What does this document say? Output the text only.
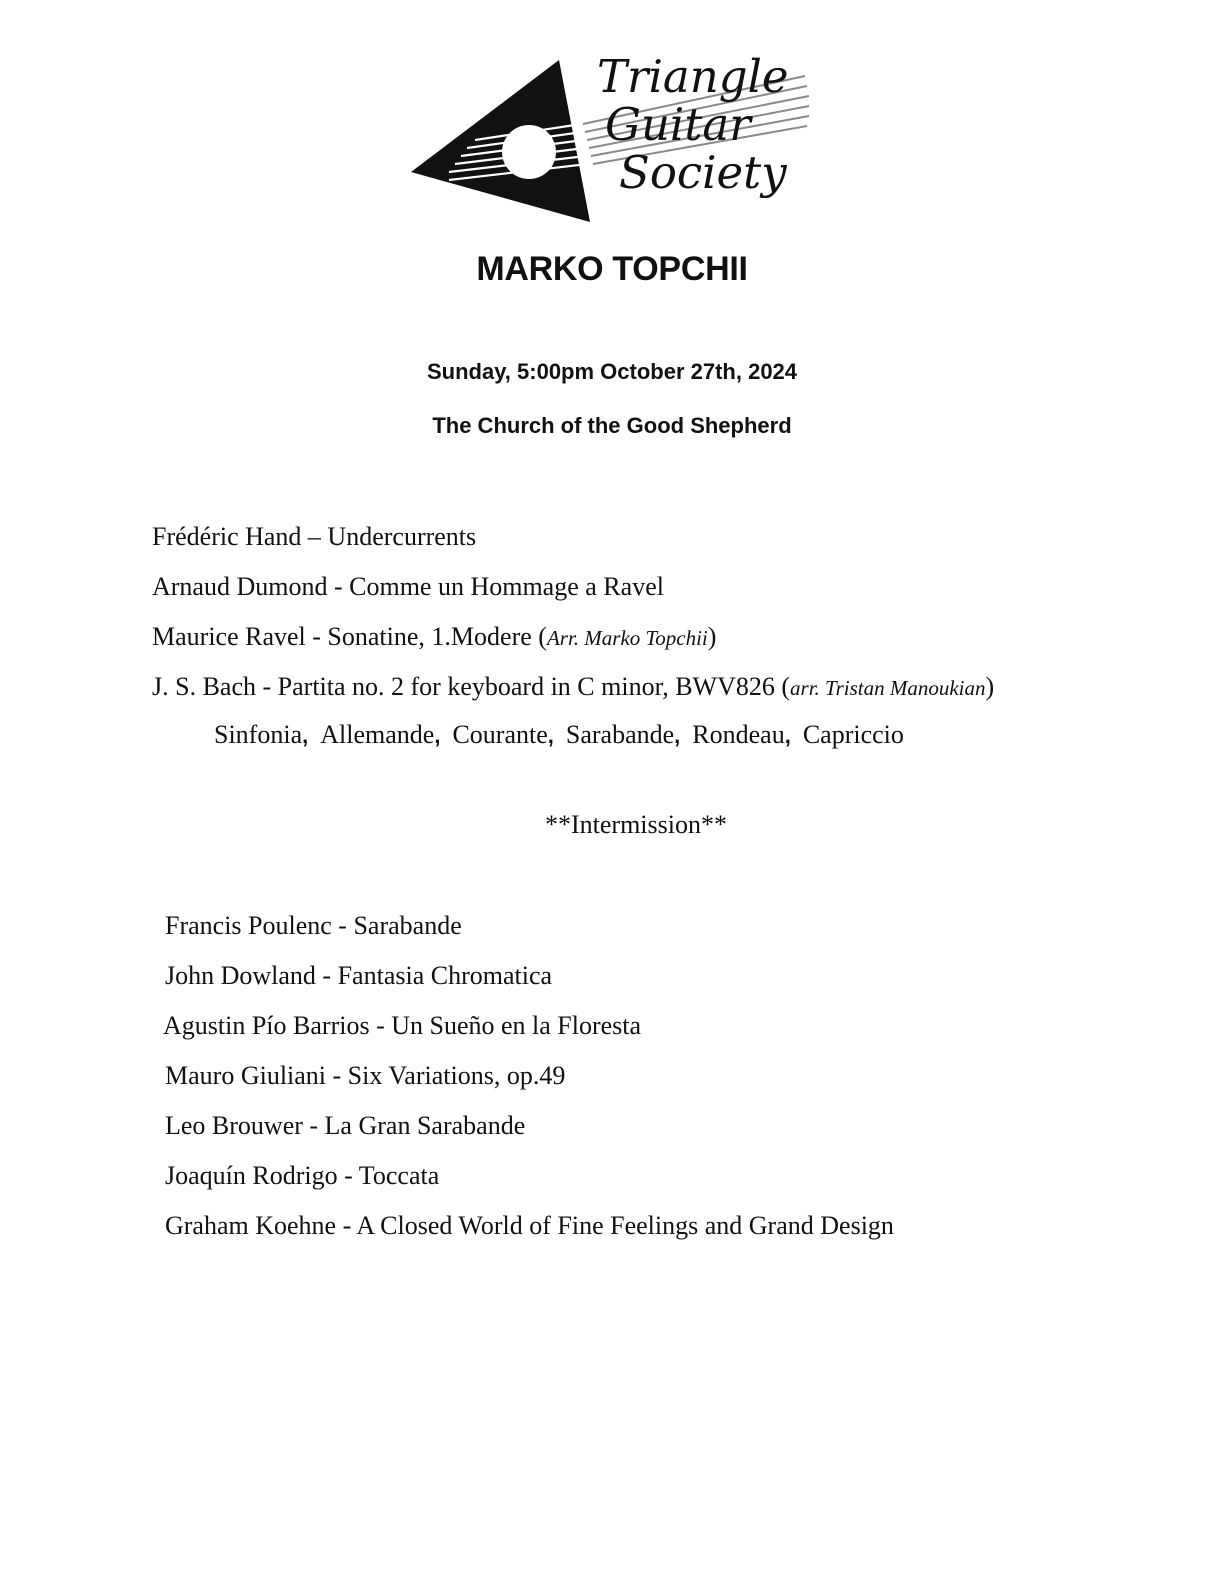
Triangle
Guitar
Society
MARKO TOPCHII

Sunday, 5:00pm October 27th, 2024

The Church of the Good Shepherd

Frédéric Hand – Undercurrents

Arnaud Dumond - Comme un Hommage a Ravel

Maurice Ravel - Sonatine, 1.Modere (Arr. Marko Topchii)

J. S. Bach - Partita no. 2 for keyboard in C minor, BWV826 (arr. Tristan Manoukian)

Sinfonia, Allemande, Courante, Sarabande, Rondeau, Capriccio
**Intermission**

Francis Poulenc - Sarabande

John Dowland - Fantasia Chromatica

Agustin Pío Barrios - Un Sueño en la Floresta

Mauro Giuliani - Six Variations, op.49

Leo Brouwer - La Gran Sarabande

Joaquín Rodrigo - Toccata

Graham Koehne - A Closed World of Fine Feelings and Grand Design
